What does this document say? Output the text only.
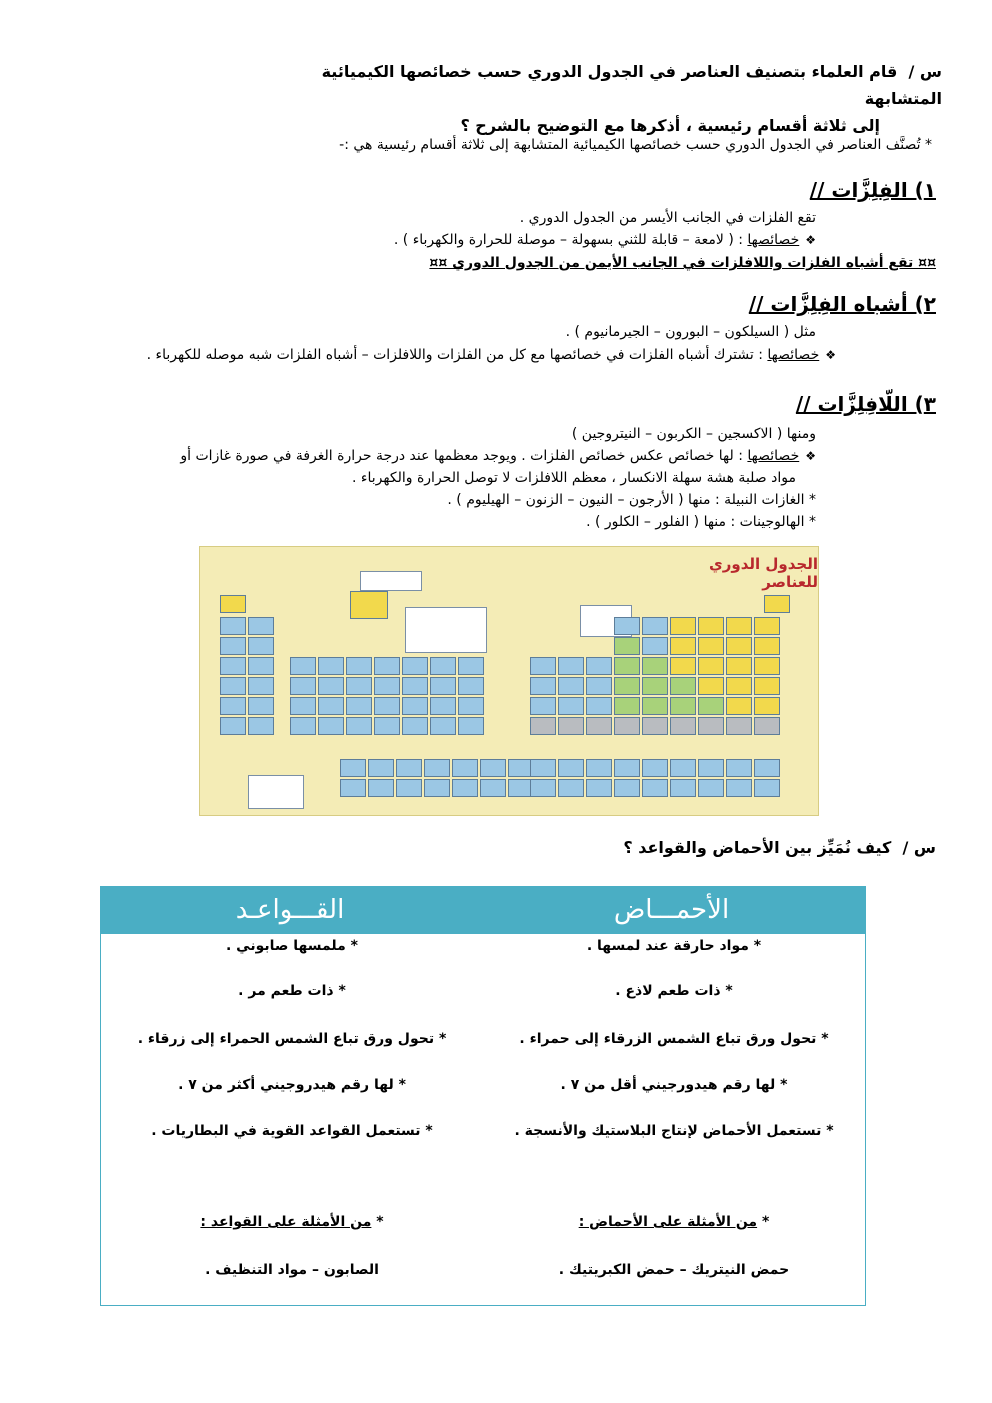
س /  قام العلماء بتصنيف العناصر في الجدول الدوري حسب خصائصها الكيميائية المتشابهة
إلى ثلاثة أقسام رئيسية ، أذكرها مع التوضيح بالشرح ؟
* تُصنَّف العناصر في الجدول الدوري حسب خصائصها الكيميائية المتشابهة إلى ثلاثة أقسام رئيسية هي :-
١) الفِلِزَّات //
تقع الفلزات في الجانب الأيسر من الجدول الدوري .
❖خصائصها : ( لامعة – قابلة للثني بسهولة – موصلة للحرارة والكهرباء ) .
¤¤ تقع أشباه الفلزات واللافلزات في الجانب الأيمن من الجدول الدوري ¤¤
٢) أشباه الفِلِزَّات //
مثل ( السيلكون – البورون – الجيرمانيوم ) .
❖خصائصها : تشترك أشباه الفلزات في خصائصها مع كل من الفلزات واللافلزات – أشباه الفلزات شبه موصله للكهرباء .
٣) اللّافِلِزَّات //
ومنها ( الاكسجين – الكربون – النيتروجين )
❖خصائصها : لها خصائص عكس خصائص الفلزات . ويوجد معظمها عند درجة حرارة الغرفة في صورة غازات أو
مواد صلبة هشة سهلة الانكسار ، معظم اللافلزات لا توصل الحرارة والكهرباء .
* الغازات النبيلة : منها ( الأرجون – النيون – الزنون – الهيليوم ) .
* الهالوجينات : منها ( الفلور – الكلور ) .
الجدول الدوري للعناصر
س /  كيف نُمَيِّز بين الأحماض والقواعد ؟
الأحمـــاض
القـــواعـد
* مواد حارقة عند لمسها .
* ذات طعم لاذع .
* تحول ورق تباع الشمس الزرقاء إلى حمراء .
* لها رقم هيدورجيني أقل من ٧ .
* تستعمل الأحماض لإنتاج البلاستيك والأنسجة .
* من الأمثلة على الأحماض :
حمض النيتريك – حمض الكبريتيك .
* ملمسها صابوني .
* ذات طعم مر .
* تحول ورق تباع الشمس الحمراء إلى زرقاء .
* لها رقم هيدروجيني أكثر من ٧ .
* تستعمل القواعد القوية في البطاريات .
* من الأمثلة على القواعد :
الصابون – مواد التنظيف .
